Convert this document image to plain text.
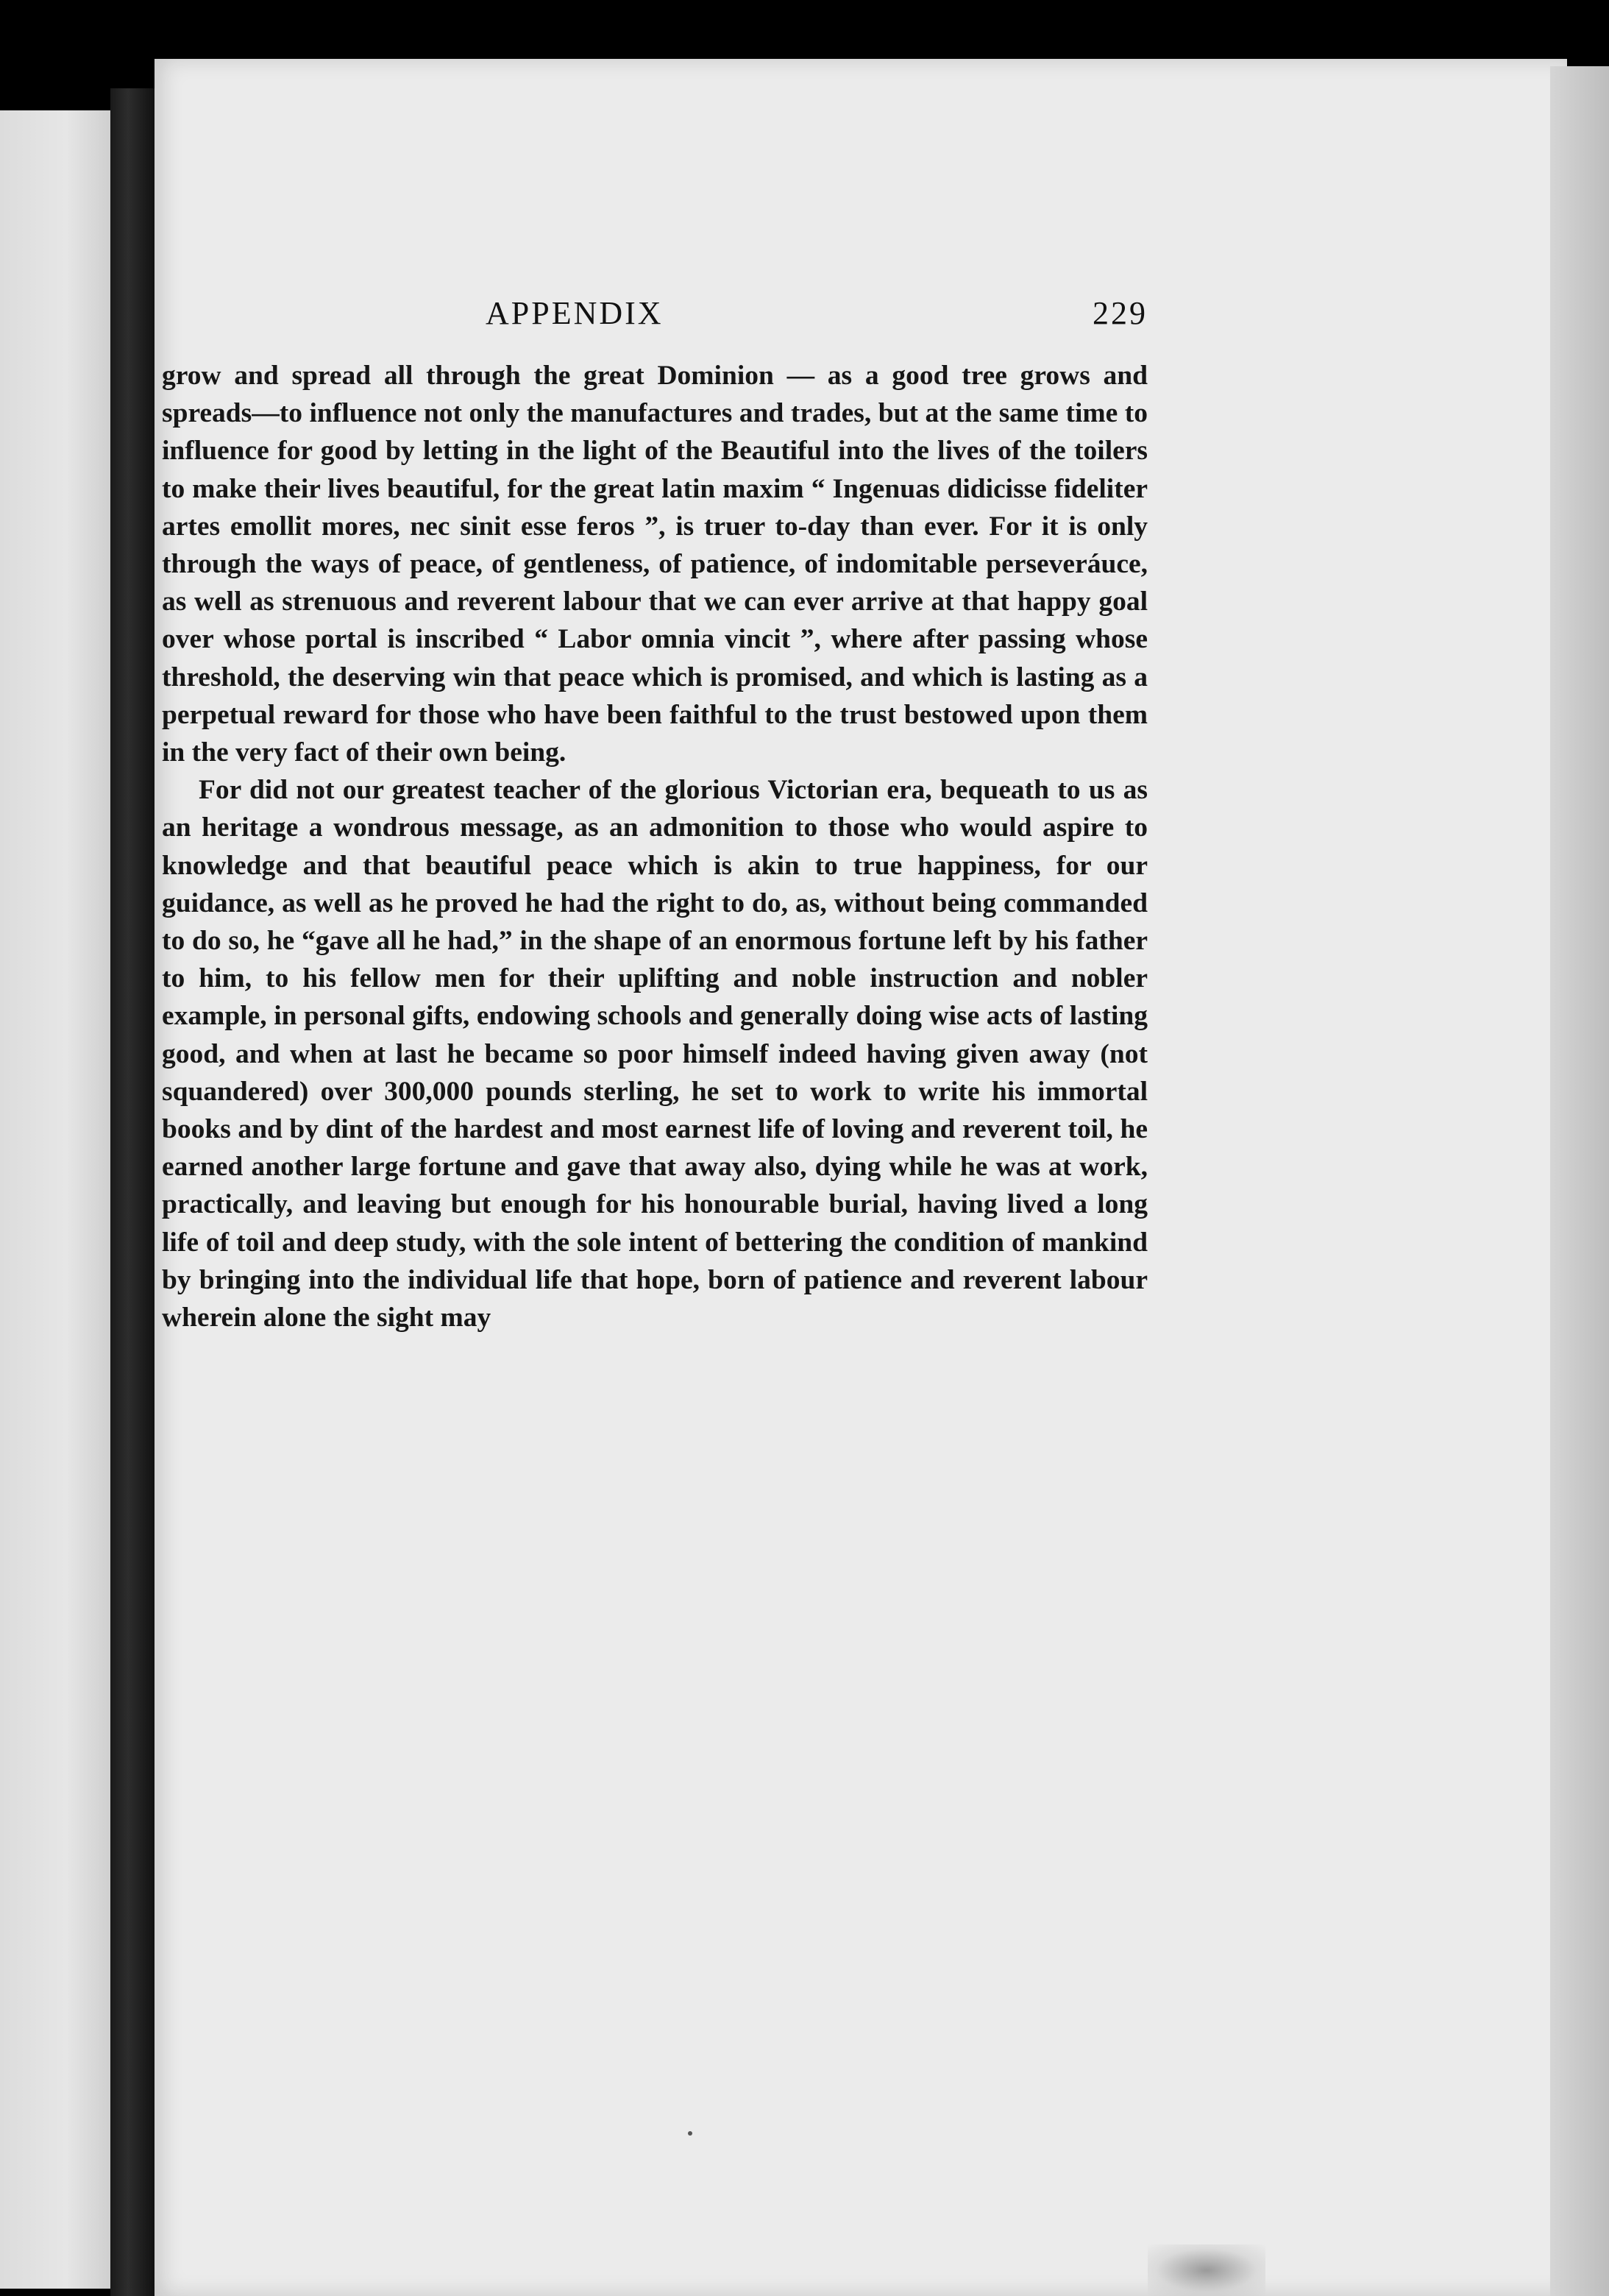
APPENDIX	229

grow and spread all through the great Dominion — as a good tree grows and spreads—to influence not only the manufactures and trades, but at the same time to influence for good by letting in the light of the Beautiful into the lives of the toilers to make their lives beautiful, for the great latin maxim “ Ingenuas didicisse fideliter artes emollit mores, nec sinit esse feros ”, is truer to-day than ever. For it is only through the ways of peace, of gentleness, of patience, of indomitable perseveráuce, as well as strenuous and reverent labour that we can ever arrive at that happy goal over whose portal is inscribed “ Labor omnia vincit ”, where after passing whose threshold, the deserving win that peace which is promised, and which is lasting as a perpetual reward for those who have been faithful to the trust bestowed upon them in the very fact of their own being.

For did not our greatest teacher of the glorious Victorian era, bequeath to us as an heritage a wondrous message, as an admonition to those who would aspire to knowledge and that beautiful peace which is akin to true happiness, for our guidance, as well as he proved he had the right to do, as, without being commanded to do so, he “gave all he had,” in the shape of an enormous fortune left by his father to him, to his fellow men for their uplifting and noble instruction and nobler example, in personal gifts, endowing schools and generally doing wise acts of lasting good, and when at last he became so poor himself indeed having given away (not squandered) over 300,000 pounds sterling, he set to work to write his immortal books and by dint of the hardest and most earnest life of loving and reverent toil, he earned another large fortune and gave that away also, dying while he was at work, practically, and leaving but enough for his honourable burial, having lived a long life of toil and deep study, with the sole intent of bettering the condition of mankind by bringing into the individual life that hope, born of patience and reverent labour wherein alone the sight may
